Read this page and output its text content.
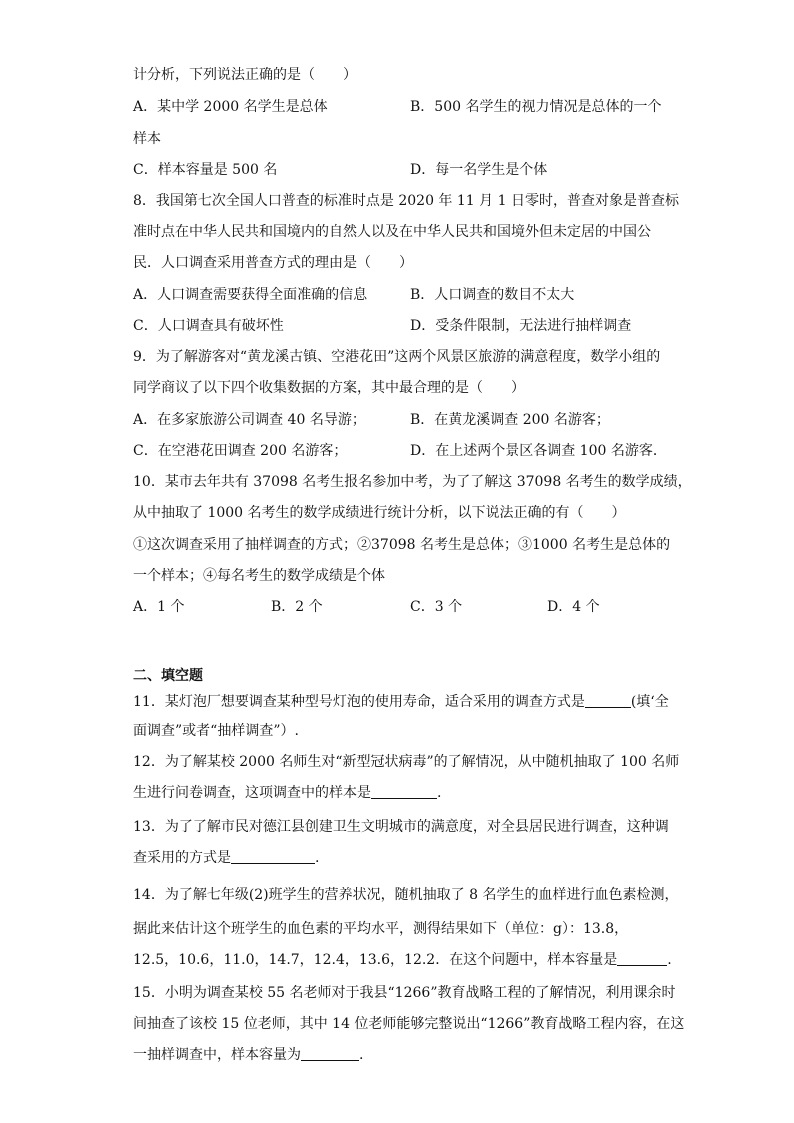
计分析，下列说法正确的是（　　）
样本
8．我国第七次全国人口普查的标准时点是 2020 年 11 月 1 日零时，普查对象是普查标
准时点在中华人民共和国境内的自然人以及在中华人民共和国境外但未定居的中国公
民．人口调查采用普查方式的理由是（　　）
9．为了解游客对“黄龙溪古镇、空港花田”这两个风景区旅游的满意程度，数学小组的
同学商议了以下四个收集数据的方案，其中最合理的是（　　）
10．某市去年共有 37098 名考生报名参加中考，为了了解这 37098 名考生的数学成绩，
从中抽取了 1000 名考生的数学成绩进行统计分析，以下说法正确的有（　　）
①这次调查采用了抽样调查的方式；②37098 名考生是总体；③1000 名考生是总体的
一个样本；④每名考生的数学成绩是个体
面调查”或者“抽样调查”）.
据此来估计这个班学生的血色素的平均水平，测得结果如下（单位：g）：13.8，
A．某中学 2000 名学生是总体	B．500 名学生的视力情况是总体的一个
C．样本容量是 500 名	D．每一名学生是个体
A．人口调查需要获得全面准确的信息	B．人口调查的数目不太大
C．人口调查具有破坏性	D．受条件限制，无法进行抽样调查
A．在多家旅游公司调查 40 名导游；	B．在黄龙溪调查 200 名游客；
C．在空港花田调查 200 名游客；	D．在上述两个景区各调查 100 名游客．
A．1 个	B．2 个	C．3 个	D．4 个
二、填空题
11．某灯泡厂想要调查某种型号灯泡的使用寿命，适合采用的调查方式是	(填‘全
12．为了解某校 2000 名师生对“新型冠状病毒”的了解情况，从中随机抽取了 100 名师
生进行问卷调查，这项调查中的样本是	.
13．为了了解市民对德江县创建卫生文明城市的满意度，对全县居民进行调查，这种调
查采用的方式是	.
14．为了解七年级(2)班学生的营养状况，随机抽取了 8 名学生的血样进行血色素检测，
12.5，10.6，11.0，14.7，12.4，13.6，12.2．在这个问题中，样本容量是	.
15．小明为调查某校 55 名老师对于我县“1266”教育战略工程的了解情况，利用课余时
间抽查了该校 15 位老师，其中 14 位老师能够完整说出“1266”教育战略工程内容，在这
一抽样调查中，样本容量为	.
